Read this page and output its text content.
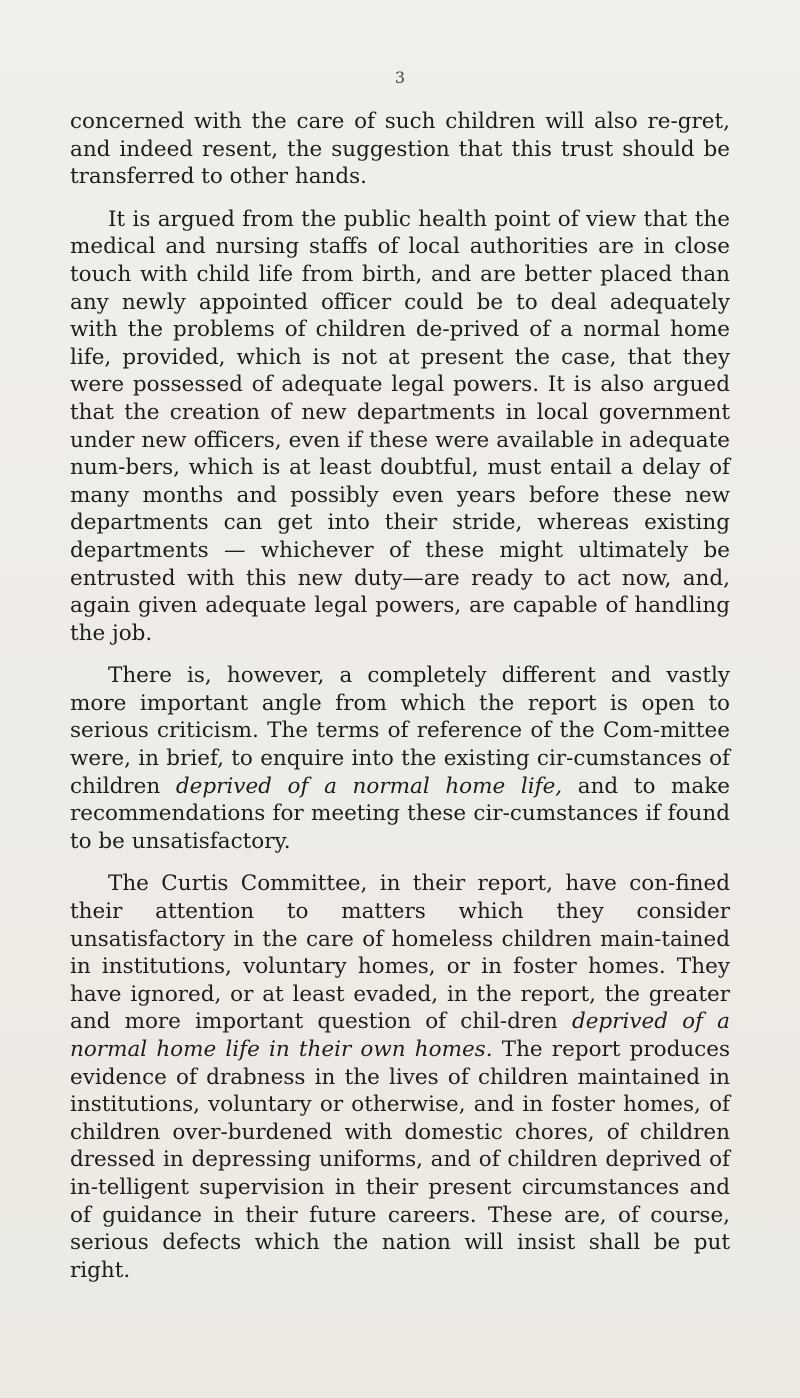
3

concerned with the care of such children will also re-gret, and indeed resent, the suggestion that this trust should be transferred to other hands.

It is argued from the public health point of view that the medical and nursing staffs of local authorities are in close touch with child life from birth, and are better placed than any newly appointed officer could be to deal adequately with the problems of children de-prived of a normal home life, provided, which is not at present the case, that they were possessed of adequate legal powers. It is also argued that the creation of new departments in local government under new officers, even if these were available in adequate num-bers, which is at least doubtful, must entail a delay of many months and possibly even years before these new departments can get into their stride, whereas existing departments — whichever of these might ultimately be entrusted with this new duty—are ready to act now, and, again given adequate legal powers, are capable of handling the job.

There is, however, a completely different and vastly more important angle from which the report is open to serious criticism. The terms of reference of the Com-mittee were, in brief, to enquire into the existing cir-cumstances of children deprived of a normal home life, and to make recommendations for meeting these cir-cumstances if found to be unsatisfactory.

The Curtis Committee, in their report, have con-fined their attention to matters which they consider unsatisfactory in the care of homeless children main-tained in institutions, voluntary homes, or in foster homes. They have ignored, or at least evaded, in the report, the greater and more important question of chil-dren deprived of a normal home life in their own homes. The report produces evidence of drabness in the lives of children maintained in institutions, voluntary or otherwise, and in foster homes, of children over-burdened with domestic chores, of children dressed in depressing uniforms, and of children deprived of in-telligent supervision in their present circumstances and of guidance in their future careers. These are, of course, serious defects which the nation will insist shall be put right.
